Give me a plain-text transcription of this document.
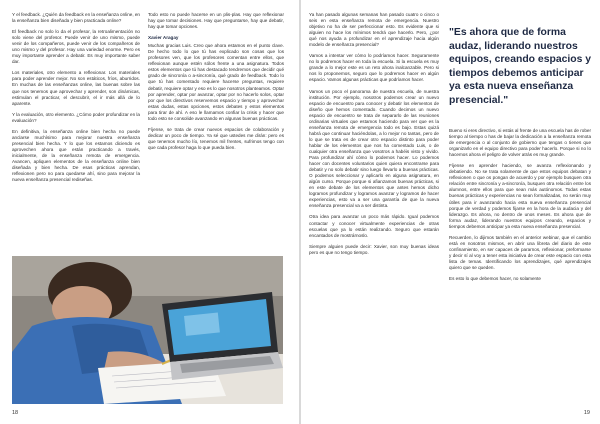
Y el feedback. ¿Quién da feedback en la enseñanza online, en la enseñanza bien diseñada y bien practicada online?

El feedback no solo lo da el profesor, la retroalimentación no solo viene del profesor. Puede venir de uno mismo, puede venir de los compañeros, puede venir de los compañeros de uno mismo y del profesor. Hay una variedad enorme. Pero es muy importante aprender a debatir. Es muy importante saber dar.

Los materiales, otro elemento a reflexionar. Los materiales para poder aprender mejor. No son estáticos, fríos, aburridos. En muchas de las enseñanzas online, las buenas sobre las que nos tenemos que aprovechar y aprender, son dinámicas, estimulan el practicar, el descubrir, el ir más allá de lo aparente.

Y la evaluación, otro elemento. ¿Cómo poder profundizar en la evaluación?

En definitiva, la enseñanza online bien hecha no puede anclarse muchísimo para mejorar nuestra enseñanza presencial bien hecha. Y lo que los estamos diciendo es aprovechen ahora que están practicando a través, inicialmente, de la enseñanza remota de emergencia. Avancen, apliquen elementos de la enseñanza online bien diseñada y bien hecha. De esas prácticas aprendan, reflexionen pero no para quedarse ahí, sino para mejorar la nueva enseñanza presencial rediseñas.

Todo esto no puede hacerse en un plis-plas. Hay que reflexionar hay que tomar decisiones. Hay que preguntarse, hay que debatir, hay que tomar opciones.

Xavier Aragay

Muchas gracias Luis. Creo que ahora estamos en el punto clave. De hecho todo lo que tú has explicado son cosas que los profesores ven, que los profesores comentan entre ellos, que reflexionan aunque estén sólos frente a una asignatura. Todos estos elementos que tú has destacado tendremos que decidir qué grado de sincronía o a-sincronía, qué grado de feedback. Todo lo que tú has comentado requiere hacerse preguntas, requiere debatir, requiere optar y eso es lo que nosotros planteamos. Optar por aprender, optar por avanzar, optar por no hacerlo solos, optar por que los directivos reservemos espacio y tiempo y aprovechar estas dudas, estas opciones, estos debates y estos elementos para tirar de ahí. A eso le llamamos confiar la crisis y hacer que todo esto se consolide avanzando en algunas buenas prácticas.

Fíjense, se trata de crear nuevos espacios de colaboración y dedicar un poco de tiempo. Ya sé que ustedes me dirán: pero es que tenemos mucho lío, tenemos mil frentes, sufrimos tengo con que cada profesor haga lo que pueda bien.

18

Ya han pasado algunas semanas han pasado cuatro o cinco o seis en esta enseñanza remota de emergencia. Nuestro objetivo no ha de ser perfeccionar esto. Es evidente que si alguien no hace los mínimos tendrá que hacerlo. Pero, ¿por qué nos ayuda a profundizar en el aprendizaje hacia algún modelo de enseñanza presencial?

Vamos a intentar ver cómo lo podríamos hacer. Seguramente no lo podremos hacer en toda la escuela. Si la escuela es muy grande a lo mejor este es un reto ahora inalcanzable. Pero si nos lo proponemos, seguro que lo podremos hacer en algún espacio. Vamos algunas prácticas que podríamos hacer.

Vamos un poco el panorama de nuestra escuela, de nuestra institución. Por ejemplo, nosotros podemos crear un nuevo espacio de encuentro para conocer y debatir los elementos de diseño que hemos comentado. Cuando decimos un nuevo espacio de encuentro se trata de separarlo de las reuniones ordinarias virtuales que estamos haciendo para ver que es la enseñanza remota de emergencia todo es bajo. Estas quizá habrá que continuar haciéndolas, a lo mejor no tantas, pero de lo que se trata es de crear otro espacio distinto para poder hablar de los elementos que nos ha comentado Luis, o de cualquier otra enseñanza que vosotros a habéis visto y vivido. Para profundizar ahí cómo lo podemos hacer. Lo podemos hacer con docentes voluntarios quien quiera encontrarse para debatir y no solo debatir sino luego llevarlo a buenas prácticas. O podemos seleccionar y aplicarlo en alguna asignatura, en algún curso. Porque porque si afianzamos buenas prácticas, si en este debate de los elementos que antes hemos dicho logramos profundizar y logramos avanzar y logramos de hacer experiencias, esto va a ser una garantía de que la nueva enseñanza presencial va a ser distinta.

Otra idea para avanzar un poco más rápido. Igual podemos contactar y conocer virtualmente experiencias de otras escuelas que ya lo están realizando. Seguro que estarán encantados de mostrárnoslo.

Siempre alguien puede decir: Xavier, son muy buenas ideas pero es que no tengo tiempo.

"Es ahora que de forma audaz, liderando nuestros equipos, creando espacios y tiempos debemos anticipar ya esta nueva enseñanza presencial."

Bueno si eres directivo, si estás al frente de una escuela has de rober tiempo al tiempo o has de bajar la dedicación a la enseñanza remota de emergencia o al conjunto de gobierno que tengas o tienes que organizarlo en el equipo directivo para poder hacerlo. Porque si no lo hacemos ahora el peligro de volver atrás es muy grande.

Fíjense en aprender haciendo, se avanza reflexionando y debatiendo. No se trata solamente de que estos equipos debatan y reflexionen o que os pongan de acuerdo y por ejemplo busquen otra relación entre sincronía y a-sincronía, busquen otra relación entre los alumnos, entre ellos para que sean más autónomos. Todas estas buenas prácticas y experiencias no sean formalizadas, no serán muy útiles para ir avanzando hacia esta nueva enseñanza presencial porque de verdad y podemos fijarse en la hora de la audacia y del liderazgo. Es ahora, no dentro de unos meses. Es ahora que de forma audaz, liderando nuestros equipos creando, espacios y tiempos debemos anticipar ya esta nueva enseñanza presencial.

Recuerden, lo dijimos también en el anterior webinar, que el cambio está en nosotros mismos, en abrir una libreta del diario de este confinamiento, en ser capaces de pararnos, reflexionar, preformarse y decir sí al voy a tener esta iniciativa de crear este espacio con esta lista de temas. Identificando los aprendizajes, qué aprendizajes quiero que se queden.

Es esto lo que debemos hacer, no solamente

19
